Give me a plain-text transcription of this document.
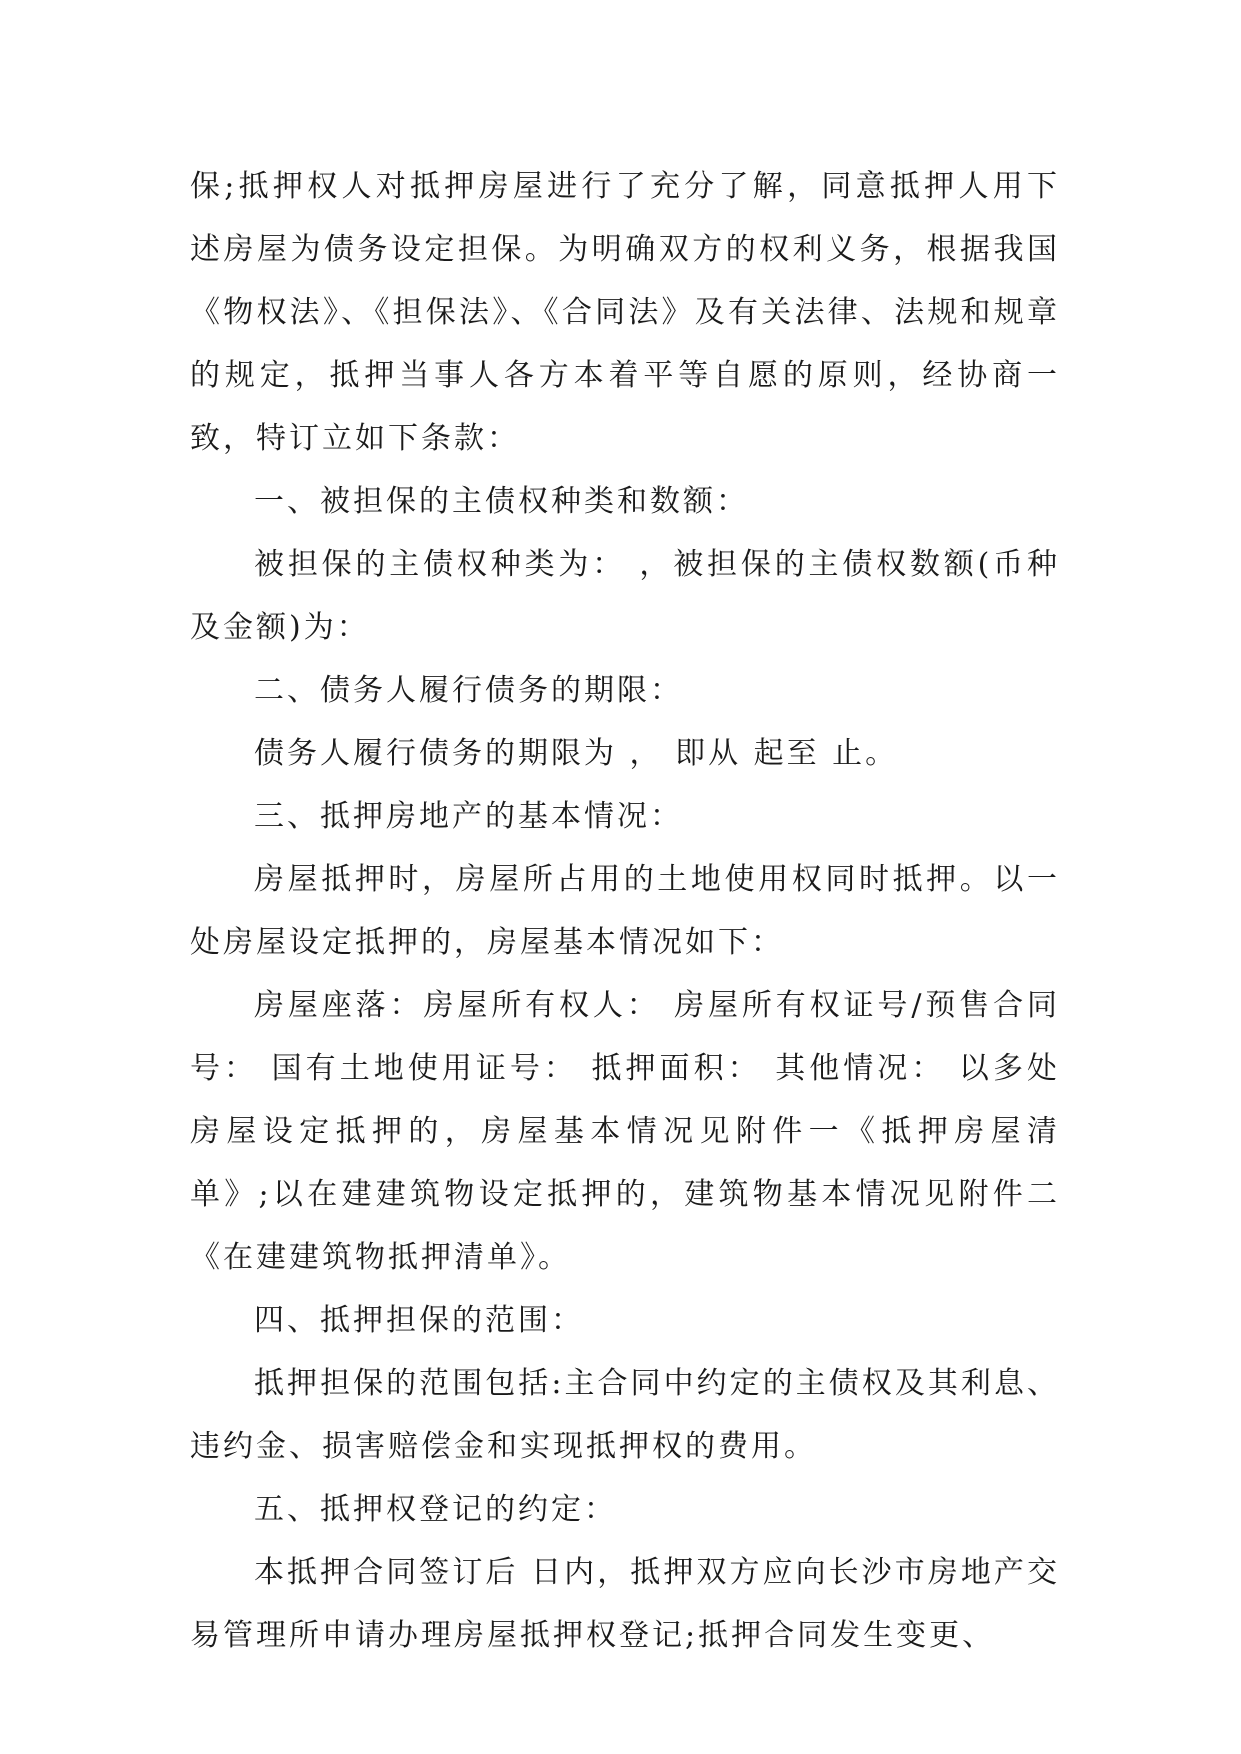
保;抵押权人对抵押房屋进行了充分了解，同意抵押人用下述房屋为债务设定担保。为明确双方的权利义务，根据我国《物权法》、《担保法》、《合同法》及有关法律、法规和规章的规定，抵押当事人各方本着平等自愿的原则，经协商一致，特订立如下条款：

一、被担保的主债权种类和数额：

被担保的主债权种类为： ，被担保的主债权数额(币种及金额)为：

二、债务人履行债务的期限：

债务人履行债务的期限为 ， 即从 起至 止。

三、抵押房地产的基本情况：

房屋抵押时，房屋所占用的土地使用权同时抵押。以一处房屋设定抵押的，房屋基本情况如下：

房屋座落：房屋所有权人： 房屋所有权证号/预售合同号： 国有土地使用证号： 抵押面积： 其他情况： 以多处房屋设定抵押的，房屋基本情况见附件一《抵押房屋清单》;以在建建筑物设定抵押的，建筑物基本情况见附件二《在建建筑物抵押清单》。

四、抵押担保的范围：

抵押担保的范围包括:主合同中约定的主债权及其利息、违约金、损害赔偿金和实现抵押权的费用。

五、抵押权登记的约定：

本抵押合同签订后 日内，抵押双方应向长沙市房地产交易管理所申请办理房屋抵押权登记;抵押合同发生变更、
